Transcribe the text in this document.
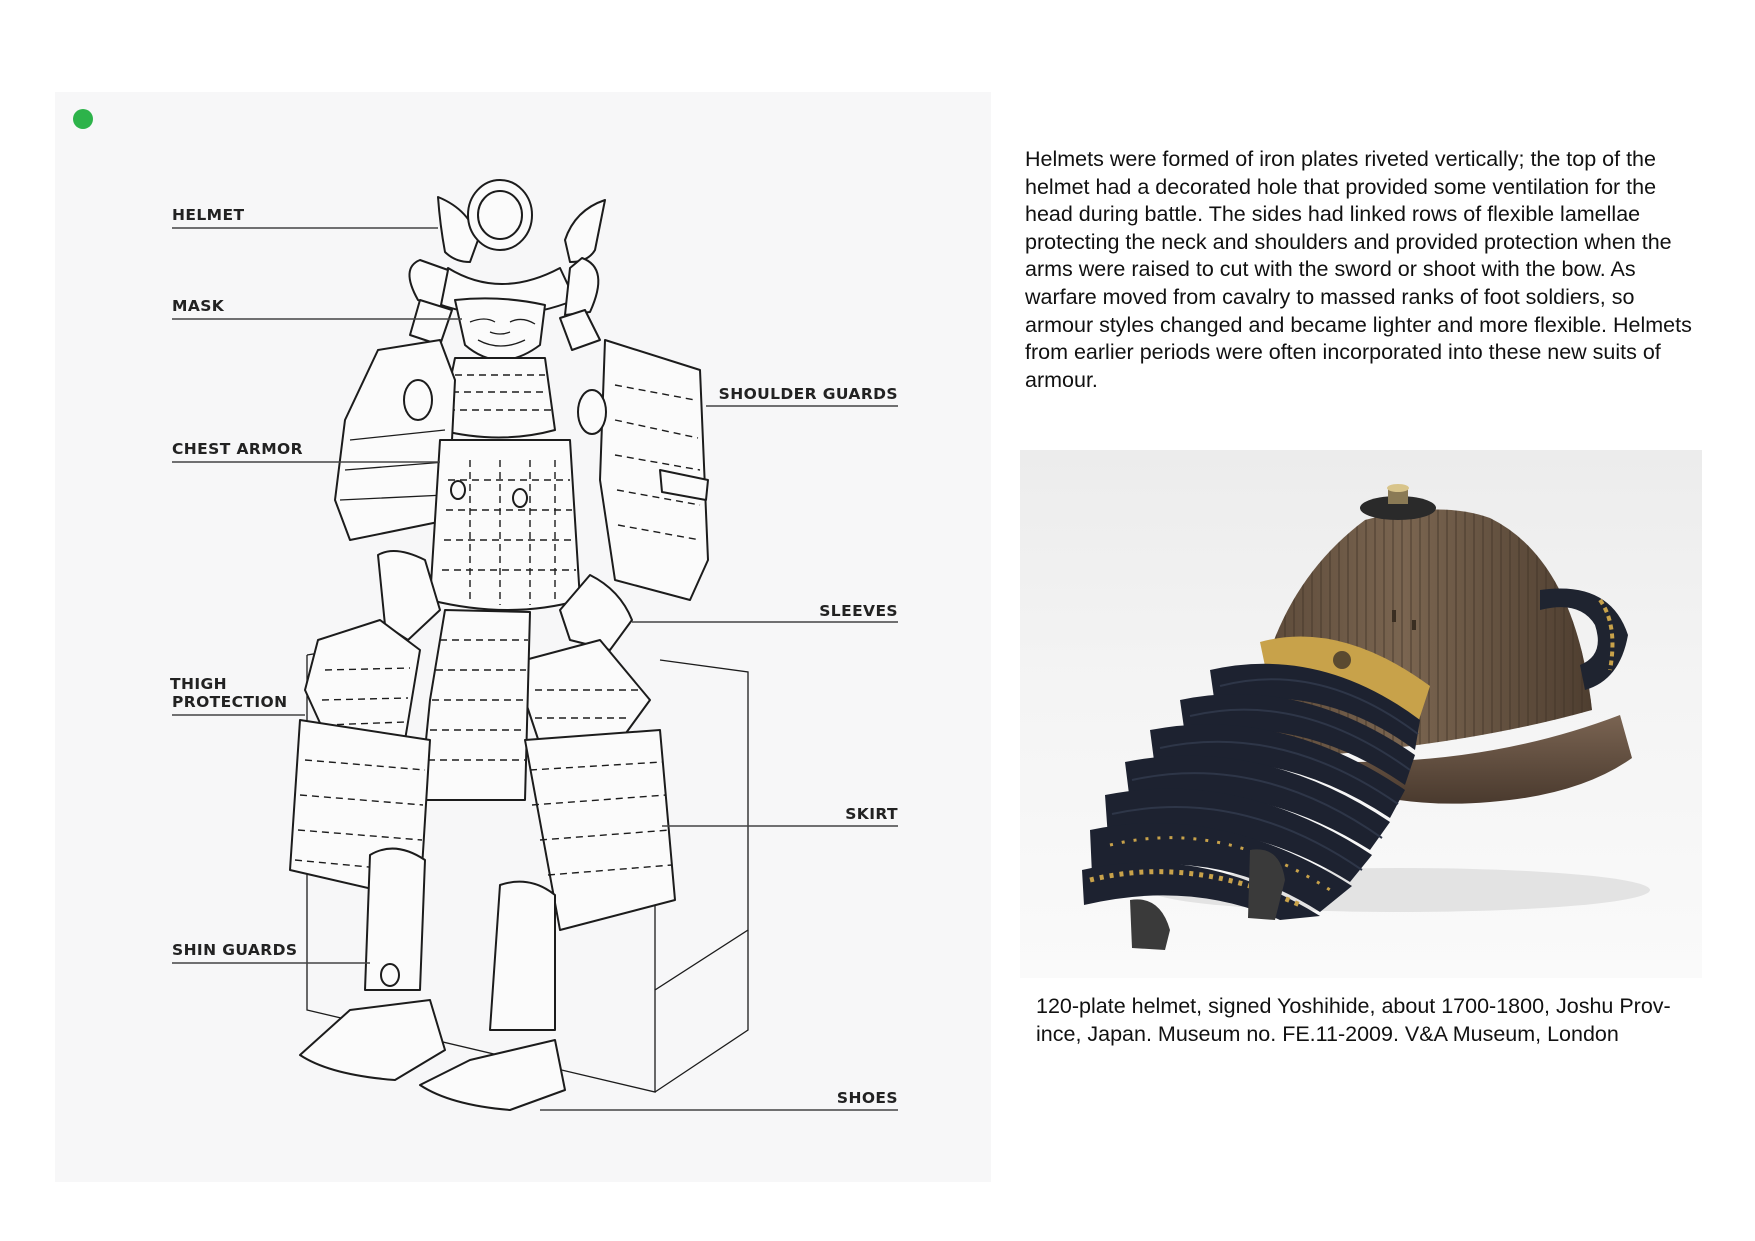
HELMET
MASK
CHEST ARMOR
THIGH
PROTECTION
SHIN GUARDS
SHOULDER GUARDS
SLEEVES
SKIRT
SHOES
Helmets were formed of iron plates riveted vertically; the top of the helmet had a decorated hole that provided some ventilation for the head during battle. The sides had linked rows of flexible lamellae protecting the neck and shoulders and provided protection when the arms were raised to cut with the sword or shoot with the bow. As warfare moved from cavalry to massed ranks of foot soldiers, so armour styles changed and became lighter and more flexible. Helmets from earlier periods were often incorporated into these new suits of armour.
120-plate helmet, signed Yoshihide, about 1700-1800, Joshu Prov-
ince, Japan. Museum no. FE.11-2009. V&A Museum, London
